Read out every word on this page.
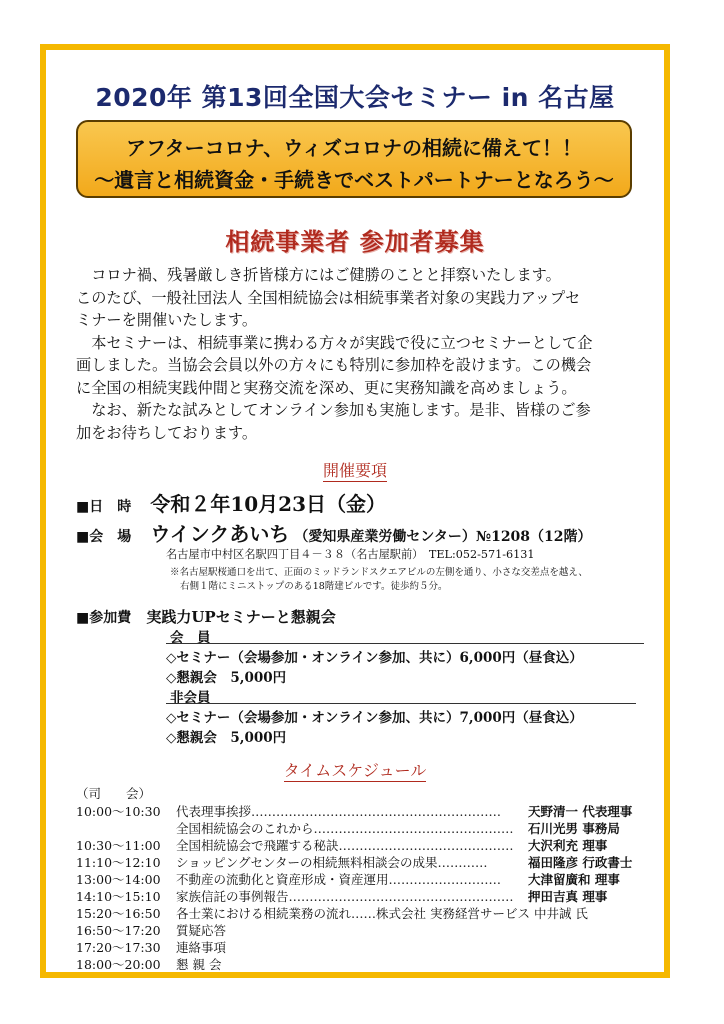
2020年 第13回全国大会セミナー in 名古屋
アフターコロナ、ウィズコロナの相続に備えて！！
〜遺言と相続資金・手続きでベストパートナーとなろう〜
相続事業者 参加者募集

　コロナ禍、残暑厳しき折皆様方にはご健勝のことと拝察いたします。

このたび、一般社団法人 全国相続協会は相続事業者対象の実践力アップセ

ミナーを開催いたします。

　本セミナーは、相続事業に携わる方々が実践で役に立つセミナーとして企

画しました。当協会会員以外の方々にも特別に参加枠を設けます。この機会

に全国の相続実践仲間と実務交流を深め、更に実務知識を高めましょう。

　なお、新たな試みとしてオンライン参加も実施します。是非、皆様のご参

加をお待ちしております。

開催要項
■日　時 令和２年10月23日（金）
■会　場 ウインクあいち （愛知県産業労働センター）№1208（12階）
名古屋市中村区名駅四丁目４－３８（名古屋駅前）　TEL:052-571-6131
※名古屋駅桜通口を出て、正面のミッドランドスクエアビルの左側を通り、小さな交差点を越え、
右側１階にミニストップのある18階建ビルです。徒歩約５分。
■参加費 実践力UPセミナーと懇親会
会　員
◇セミナー（会場参加・オンライン参加、共に）6,000円（昼食込）
◇懇親会　5,000円
非会員
◇セミナー（会場参加・オンライン参加、共に）7,000円（昼食込）
◇懇親会　5,000円
タイムスケジュール
（司　　会）
10:00〜10:30 代表理事挨拶…………………………………………………… 天野清一 代表理事
全国相続協会のこれから………………………………………… 石川光男 事務局
10:30〜11:00 全国相続協会で飛躍する秘訣…………………………………… 大沢利充 理事
11:10〜12:10 ショッピングセンターの相続無料相談会の成果…………	福田隆彦 行政書士
13:00〜14:00 不動産の流動化と資産形成・資産運用……………………… 大津留廣和 理事
14:10〜15:10 家族信託の事例報告……………………………………………… 押田吉真 理事
15:20〜16:50 各士業における相続業務の流れ……株式会社 実務経営サービス 中井誠 氏
16:50〜17:20 質疑応答
17:20〜17:30 連絡事項
18:00〜20:00 懇 親 会
